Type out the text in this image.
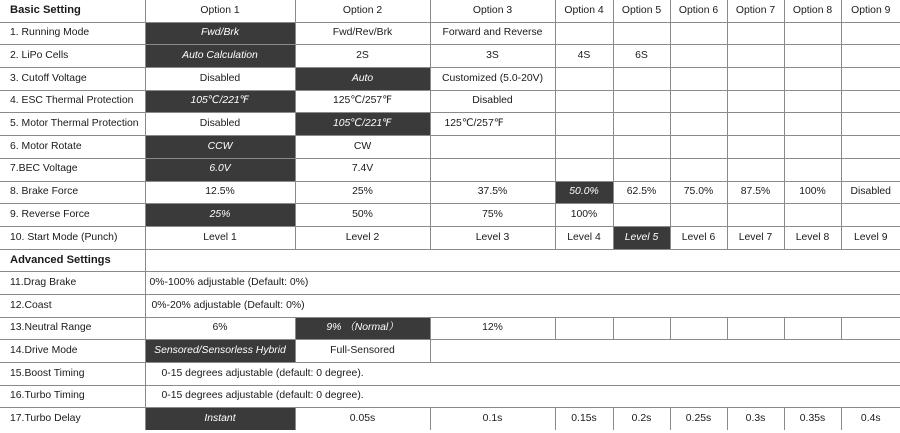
Basic Setting	Option 1	Option 2	Option 3	Option 4	Option 5	Option 6	Option 7	Option 8	Option 9
1. Running Mode	Fwd/Brk	Fwd/Rev/Brk	Forward and Reverse						
2. LiPo Cells	Auto Calculation	2S	3S	4S	6S				
3. Cutoff Voltage	Disabled	Auto	Customized (5.0-20V)						
4. ESC Thermal Protection	105℃/221℉	125℃/257℉	Disabled						
5. Motor Thermal Protection	Disabled	105℃/221℉	125℃/257℉						
6. Motor Rotate	CCW	CW							
7.BEC Voltage	6.0V	7.4V							
8. Brake Force	12.5%	25%	37.5%	50.0%	62.5%	75.0%	87.5%	100%	Disabled
9. Reverse Force	25%	50%	75%	100%					
10. Start Mode (Punch)	Level 1	Level 2	Level 3	Level 4	Level 5	Level 6	Level 7	Level 8	Level 9
Advanced Settings									
11.Drag Brake	0%-100% adjustable (Default: 0%)								
12.Coast	0%-20% adjustable (Default: 0%)								
13.Neutral Range	6%	9% （Normal）	12%						
14.Drive Mode	Sensored/Sensorless Hybrid	Full-Sensored							
15.Boost Timing	0-15 degrees adjustable (default: 0 degree).								
16.Turbo Timing	0-15 degrees adjustable (default: 0 degree).								
17.Turbo Delay	Instant	0.05s	0.1s	0.15s	0.2s	0.25s	0.3s	0.35s	0.4s
